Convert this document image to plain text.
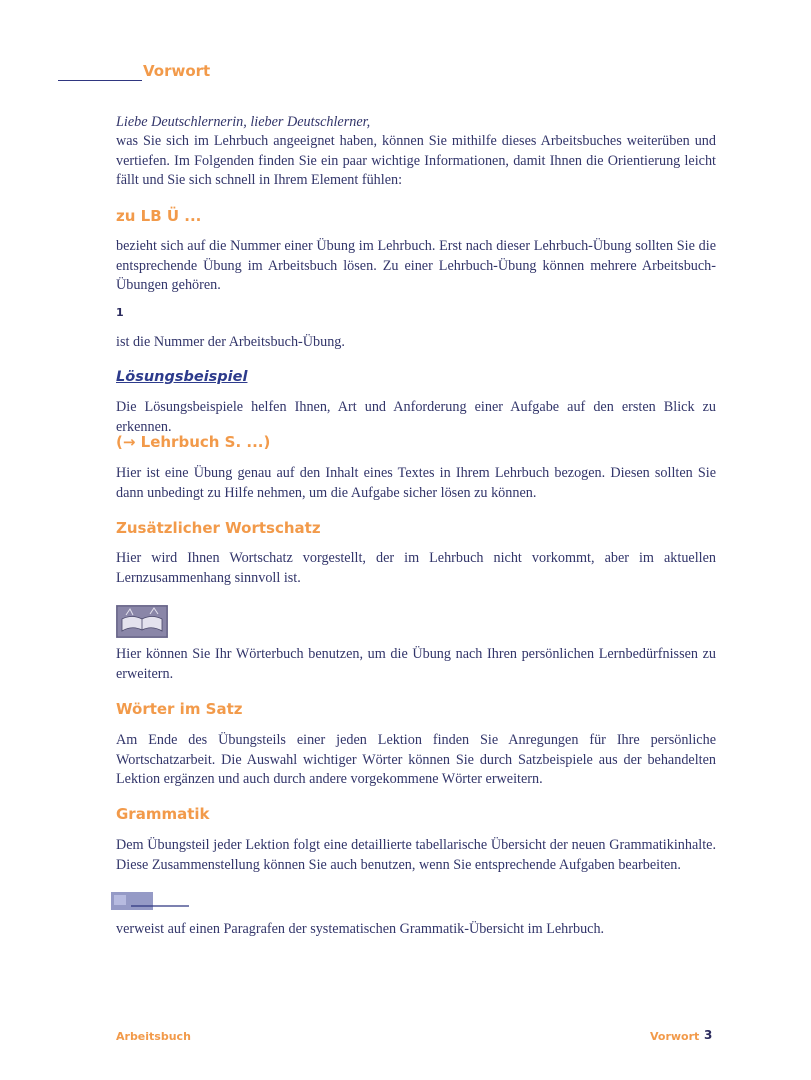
Vorwort

Liebe Deutschlernerin, lieber Deutschlerner,

was Sie sich im Lehrbuch angeeignet haben, können Sie mithilfe dieses Arbeitsbuches weiterüben und vertiefen. Im Folgenden finden Sie ein paar wichtige Informationen, damit Ihnen die Orientierung leicht fällt und Sie sich schnell in Ihrem Element fühlen:

zu LB Ü ...

bezieht sich auf die Nummer einer Übung im Lehrbuch. Erst nach dieser Lehrbuch-Übung sollten Sie die entsprechende Übung im Arbeitsbuch lösen. Zu einer Lehrbuch-Übung können mehrere Arbeitsbuch-Übungen gehören.

1

ist die Nummer der Arbeitsbuch-Übung.

Lösungsbeispiel

Die Lösungsbeispiele helfen Ihnen, Art und Anforderung einer Aufgabe auf den ersten Blick zu erkennen.

(→ Lehrbuch S. ...)

Hier ist eine Übung genau auf den Inhalt eines Textes in Ihrem Lehrbuch bezogen. Diesen sollten Sie dann unbedingt zu Hilfe nehmen, um die Aufgabe sicher lösen zu können.

Zusätzlicher Wortschatz

Hier wird Ihnen Wortschatz vorgestellt, der im Lehrbuch nicht vorkommt, aber im aktuellen Lernzusammenhang sinnvoll ist.

Hier können Sie Ihr Wörterbuch benutzen, um die Übung nach Ihren persönlichen Lernbedürfnissen zu erweitern.

Wörter im Satz

Am Ende des Übungsteils einer jeden Lektion finden Sie Anregungen für Ihre persönliche Wortschatzarbeit. Die Auswahl wichtiger Wörter können Sie durch Satzbeispiele aus der behandelten Lektion ergänzen und auch durch andere vorgekommene Wörter erweitern.

Grammatik

Dem Übungsteil jeder Lektion folgt eine detaillierte tabellarische Übersicht der neuen Grammatikinhalte. Diese Zusammenstellung können Sie auch benutzen, wenn Sie entsprechende Aufgaben bearbeiten.

verweist auf einen Paragrafen der systematischen Grammatik-Übersicht im Lehrbuch.

Arbeitsbuch	Vorwort 3
